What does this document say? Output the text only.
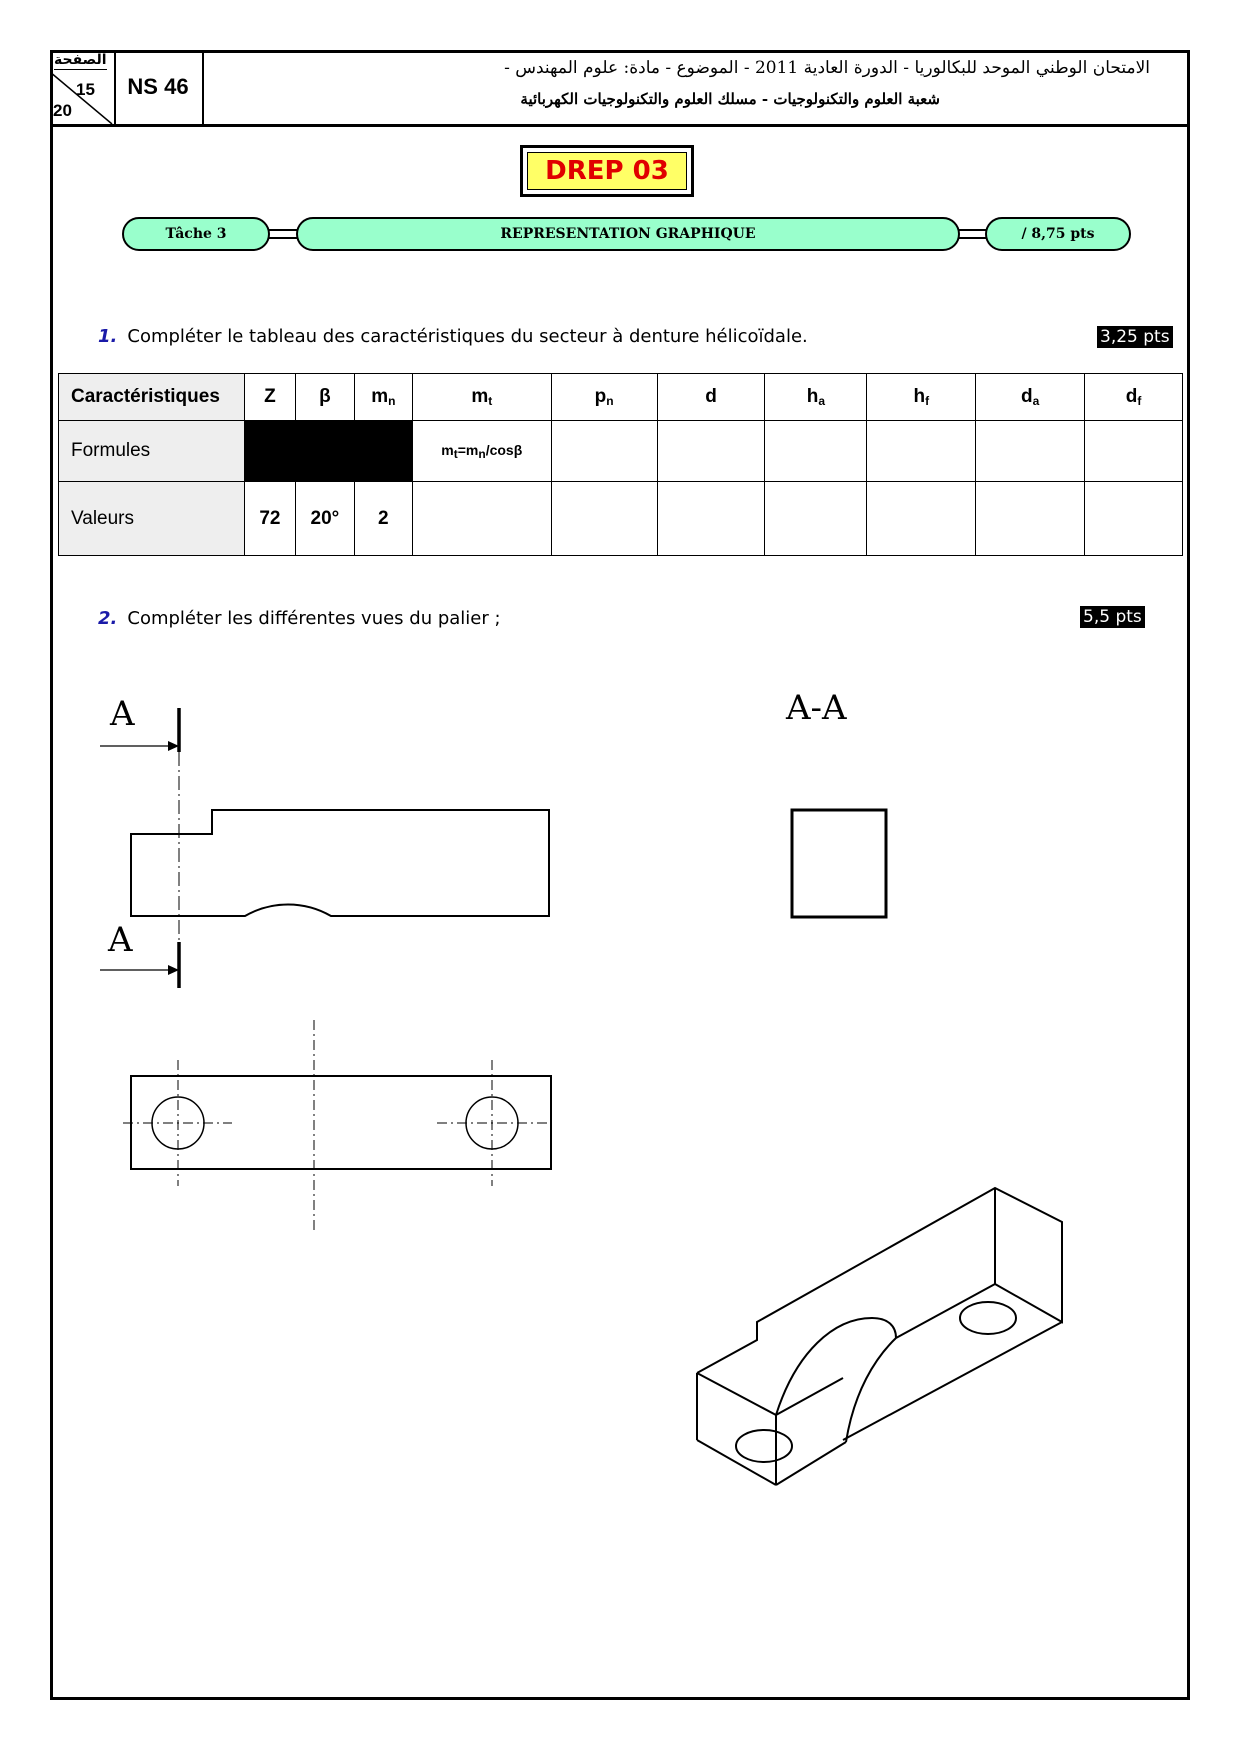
الصفحة
15
20
NS 46
الامتحان الوطني الموحد للبكالوريا - الدورة العادية 2011 - الموضوع - مادة: علوم المهندس -
شعبة العلوم والتكنولوجيات - مسلك العلوم والتكنولوجيات الكهربائية
DREP 03
Tâche 3	REPRESENTATION GRAPHIQUE	/ 8,75 pts
1. Compléter le tableau des caractéristiques du secteur à denture hélicoïdale.	3,25 pts
Caractéristiques	Z	β	$m_n$	$m_t$	$p_n$	d	$h_a$	$h_f$	$d_a$	$d_f$
Formules				$m_t=m_n$/cosβ						
Valeurs	72	20°	2							
2. Compléter les différentes vues du palier ;	5,5 pts
A
A
A-A
